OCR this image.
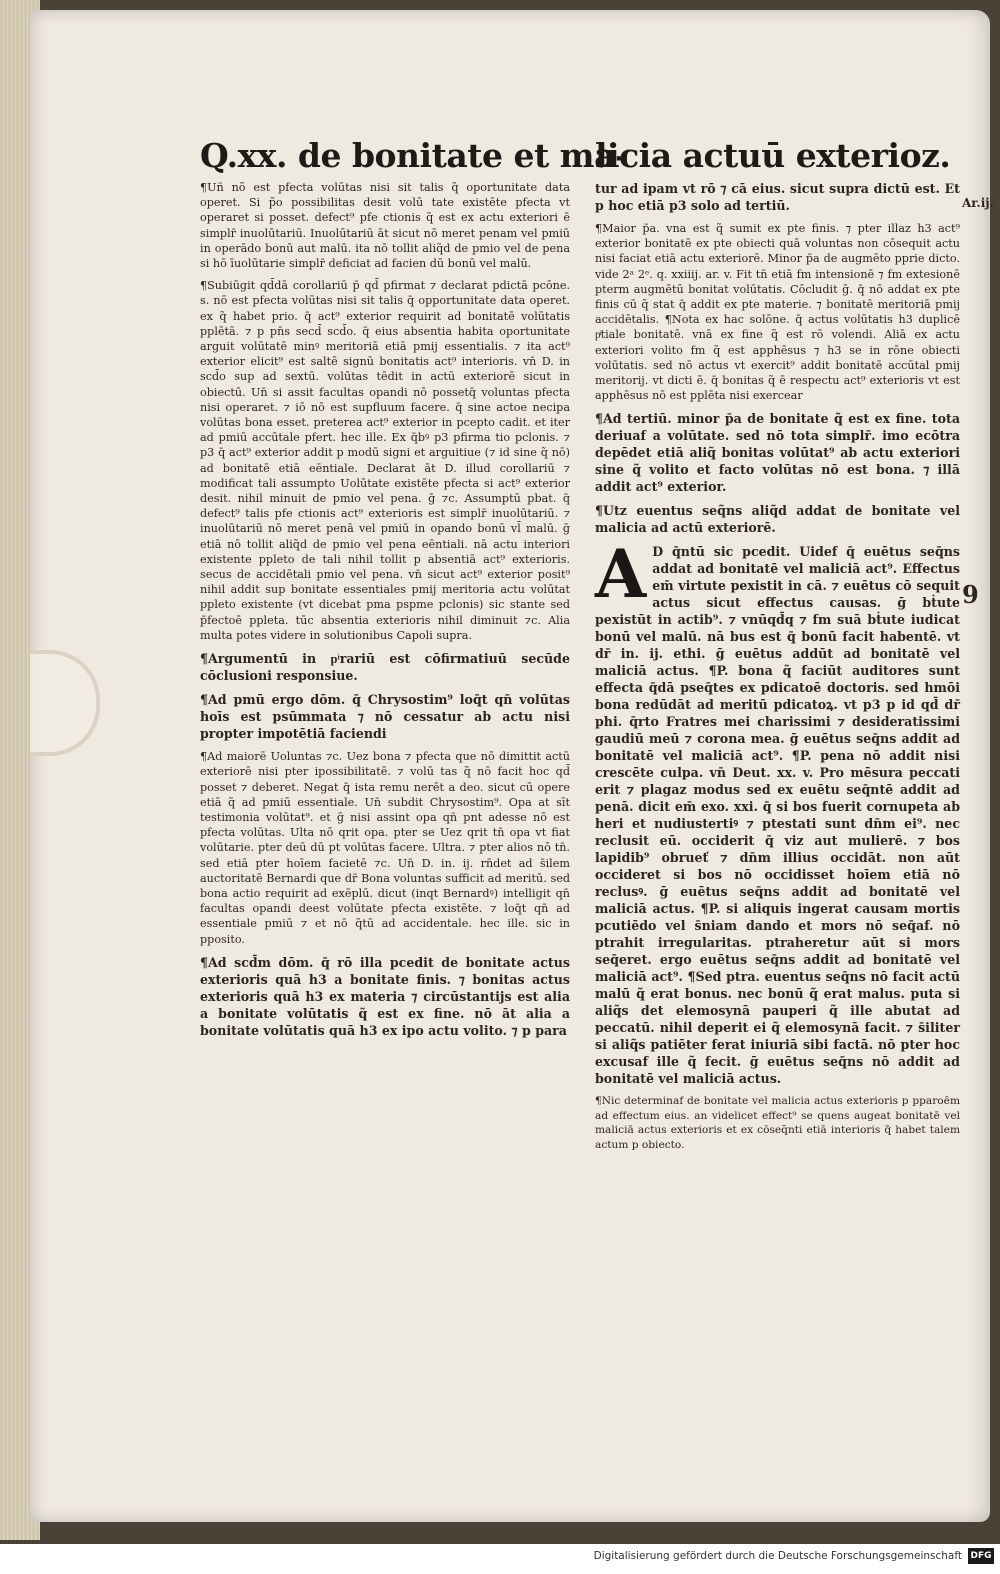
Ar.ij.
9
Q.xx. de bonitate et ma-

¶Uñ nõ est pfecta volūtas nisi sit talis q̃ oportunitate data operet. Si p̃o possibilitas desit volū tate existēte pfecta vt operaret si posset. defect⁹ pfe ctionis q̃ est ex actu exteriori ē simplr̄ inuolūtariū. Inuolūtariū āt sicut nō meret penam vel pmiū in operādo bonū aut malū. ita nō tollit aliq̃d de pmio vel de pena si hō īuolūtarie simplr̄ deficiat ad facien dū bonū vel malū.

¶Subiūgit qd̄dā corollariū p̄ qd̄ pfirmat ⁊ declarat pdictā pcōne. s. nō est pfecta volūtas nisi sit talis q̄ opportunitate data operet. ex q̃ habet prio. q̄ act⁹ exterior requirit ad bonitatē volūtatis pplētā. ⁊ p pn̄s secd̄ scd̄o. q̄ eius absentia habita oportunitate arguit volūtatē minꝰ meritoriā etiā pmij essentialis. ⁊ ita act⁹ exterior elicit⁹ est saltē signū bonitatis act⁹ interioris. vn̄ D. in scd̄o sup ad sextū. volūtas tēdit in actū exteriorē sicut in obiectū. Un̄ si assit facultas opandi nō possetq̄ voluntas pfecta nisi operaret. ⁊ iō nō est supfluum facere. q̄ sine actoe necipa volūtas bona esset. preterea act⁹ exterior in pcepto cadit. et iter ad pmiū accūtale pfert. hec ille. Ex q̄bꝰ p3 pfirma tio pclonis. ⁊ p3 q̄ act⁹ exterior addit p modū signi et arguitiue (⁊ id sine q̃ nō) ad bonitatē etiā eēntiale. Declarat āt D. illud corollariū ⁊ modificat tali assumpto Uolūtate existēte pfecta si act⁹ exterior desit. nihil minuit de pmio vel pena. ḡ ⁊c. Assumptū pbat. q̄ defect⁹ talis pfe ctionis act⁹ exterioris est simplr̄ inuolūtariū. ⁊ inuolūtariū nō meret penā vel pmiū in opando bonū vl̄ malū. ḡ etiā nō tollit aliq̃d de pmio vel pena eēntiali. nā actu interiori existente ppleto de tali nihil tollit p absentiā act⁹ exterioris. secus de accidētali pmio vel pena. vn̄ sicut act⁹ exterior posit⁹ nihil addit sup bonitate essentiales pmij meritoria actu volūtat ppleto existente (vt dicebat pma pspme pclonis) sic stante sed p̄fectoē ppleta. tūc absentia exterioris nihil diminuit ⁊c. Alia multa potes videre in solutionibus Capoli supra.

¶Argumentū in pͥrariū est cōfirmatiuū secūde cōclusioni responsiue.

¶Ad pmū ergo dōm. q̄ Chrysostim⁹ loq̄t qn̄ volūtas hoīs est psūmmata ⁊ nō cessatur ab actu nisi propter impotētiā faciendi

¶Ad maiorē Uoluntas ⁊c. Uez bona ⁊ pfecta que nō dimittit actū exteriorē nisi pter ipossibilitatē. ⁊ volū tas q̃ nō facit hoc qd̄ posset ⁊ deberet. Negat q̄ ista remu nerēt a deo. sicut cū opere etiā q̃ ad pmiū essentiale. Un̄ subdit Chrysostim⁹. Opa at sīt testimonia volūtat⁹. et ḡ nisi assint opa qn̄ pnt adesse nō est pfecta volūtas. Ulta nō qrit opa. pter se Uez qrit tn̄ opa vt fiat volūtarie. pter deū dū pt volūtas facere. Ultra. ⁊ pter alios nō tn̄. sed etiā pter hoīem facietē ⁊c. Un̄ D. in. ij. rn̄det ad s̄ilem auctoritatē Bernardi que dr̄ Bona voluntas sufficit ad meritū. sed bona actio requirit ad exēplū. dicut (inqt Bernardꝰ) intelligit qn̄ facultas opandi deest volūtate pfecta existēte. ⁊ loq̄t qn̄ ad essentiale pmiū ⁊ et nō q̃tū ad accidentale. hec ille. sic in pposito.

¶Ad scd̄m dōm. q̄ rō illa pcedit de bonitate actus exterioris quā h3 a bonitate finis. ⁊ bonitas actus exterioris quā h3 ex materia ⁊ circūstantijs est alia a bonitate volūtatis q̃ est ex fine. nō āt alia a bonitate volūtatis quā h3 ex ipo actu volito. ⁊ p para

licia actuū exterioz.

tur ad ipam vt rō ⁊ cā eius. sicut supra dictū est. Et p hoc etiā p3 solo ad tertiū.

¶Maior p̄a. vna est q̃ sumit ex pte finis. ⁊ pter illaz h3 act⁹ exterior bonitatē ex pte obiecti quā voluntas non cōsequit actu nisi faciat etiā actu exteriorē. Minor p̄a de augmēto pprie dicto. vide 2ᵃ 2ᵉ. q. xxiiij. ar. v. Fit tn̄ etiā fm intensionē ⁊ fm extesionē pterm augmētū bonitat volūtatis. Cōcludit ḡ. q̄ nō addat ex pte finis cū q̃ stat q̄ addit ex pte materie. ⁊ bonitatē meritoriā pmij accidētalis. ¶Nota ex hac solōne. q̄ actus volūtatis h3 duplicē pͥtiale bonitatē. vnā ex fine q̃ est rō volendi. Aliā ex actu exteriori volito fm q̃ est apphēsus ⁊ h3 se in rōne obiecti volūtatis. sed nō actus vt exercit⁹ addit bonitatē accūtal pmij meritorij. vt dicti ē. q̄ bonitas q̃ ē respectu act⁹ exterioris vt est apphēsus nō est pplēta nisi exercear

¶Ad tertiū. minor p̄a de bonitate q̃ est ex fine. tota deriuaf a volūtate. sed nō tota simplr̄. imo ecōtra depēdet etiā aliq̃ bonitas volūtat⁹ ab actu exteriori sine q̃ volito et facto volūtas nō est bona. ⁊ illā addit act⁹ exterior.

¶Utz euentus seq̃ns aliq̃d addat de bonitate vel malicia ad actū exteriorē.

A D q̄ntū sic pcedit. Uidef q̄ euētus seq̄ns addat ad bonitatē vel maliciā act⁹. Effectus em̄ virtute pexistit in cā. ⁊ euētus cō sequit actus sicut effectus causas. ḡ bṫute pexistūt in actib⁹. ⁊ vnūqd̄q ⁊ fm suā bṫute iudicat bonū vel malū. nā bus est q̄ bonū facit habentē. vt dr̄ in. ij. ethi. ḡ euētus addūt ad bonitatē vel maliciā actus. ¶P. bona q̃ faciūt auditores sunt effecta q̄dā pseq̄tes ex pdicatoē doctoris. sed hmōi bona redūdāt ad meritū pdicatoꝝ. vt p3 p id qd̄ dr̄ phi. q̄rto Fratres mei charissimi ⁊ desideratissimi gaudiū meū ⁊ corona mea. ḡ euētus seq̄ns addit ad bonitatē vel maliciā act⁹. ¶P. pena nō addit nisi crescēte culpa. vn̄ Deut. xx. v. Pro mēsura peccati erit ⁊ plagaz modus sed ex euētu seq̄ntē addit ad penā. dicit em̄ exo. xxi. q̄ si bos fuerit cornupeta ab heri et nudiustertiꝰ ⁊ ptestati sunt dn̄m ei⁹. nec reclusit eū. occiderit q̄ viz aut mulierē. ⁊ bos lapidib⁹ obrueť ⁊ dn̄m illius occidāt. non aūt occideret si bos nō occidisset hoīem etiā nō reclusꝰ. ḡ euētus seq̄ns addit ad bonitatē vel maliciā actus. ¶P. si aliquis ingerat causam mortis pcutiēdo vel s̄niam dando et mors nō seq̄af. nō ptrahit irregularitas. ptraheretur aūt si mors seq̄eret. ergo euētus seq̄ns addit ad bonitatē vel maliciā act⁹. ¶Sed ptra. euentus seq̄ns nō facit actū malū q̃ erat bonus. nec bonū q̃ erat malus. puta si aliq̃s det elemosynā pauperi q̃ ille abutat ad peccatū. nihil deperit ei q̃ elemosynā facit. ⁊ s̄iliter si aliq̃s patiēter ferat iniuriā sibi factā. nō pter hoc excusaf ille q̃ fecit. ḡ euētus seq̄ns nō addit ad bonitatē vel maliciā actus.

¶Nic determinaf de bonitate vel malicia actus exterioris p pparoēm ad effectum eius. an videlicet effect⁹ se quens augeat bonitatē vel maliciā actus exterioris et ex cōseq̄nti etiā interioris q̃ habet talem actum p obiecto.

Digitalisierung gefördert durch die Deutsche Forschungsgemeinschaft DFG
